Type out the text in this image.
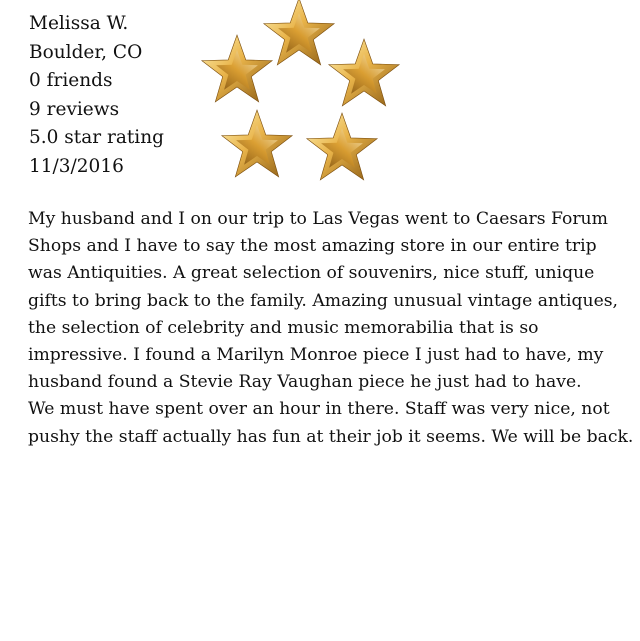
Melissa W.
Boulder, CO
0 friends
9 reviews
5.0 star rating
11/3/2016
My husband and I on our trip to Las Vegas went to Caesars Forum Shops and I have to say the most amazing store in our entire trip was Antiquities. A great selection of souvenirs, nice stuff, unique gifts to bring back to the family. Amazing unusual vintage antiques, the selection of celebrity and music memorabilia that is so impressive. I found a Marilyn Monroe piece I just had to have, my husband found a Stevie Ray Vaughan piece he just had to have.
We must have spent over an hour in there. Staff was very nice, not pushy the staff actually has fun at their job it seems. We will be back.
